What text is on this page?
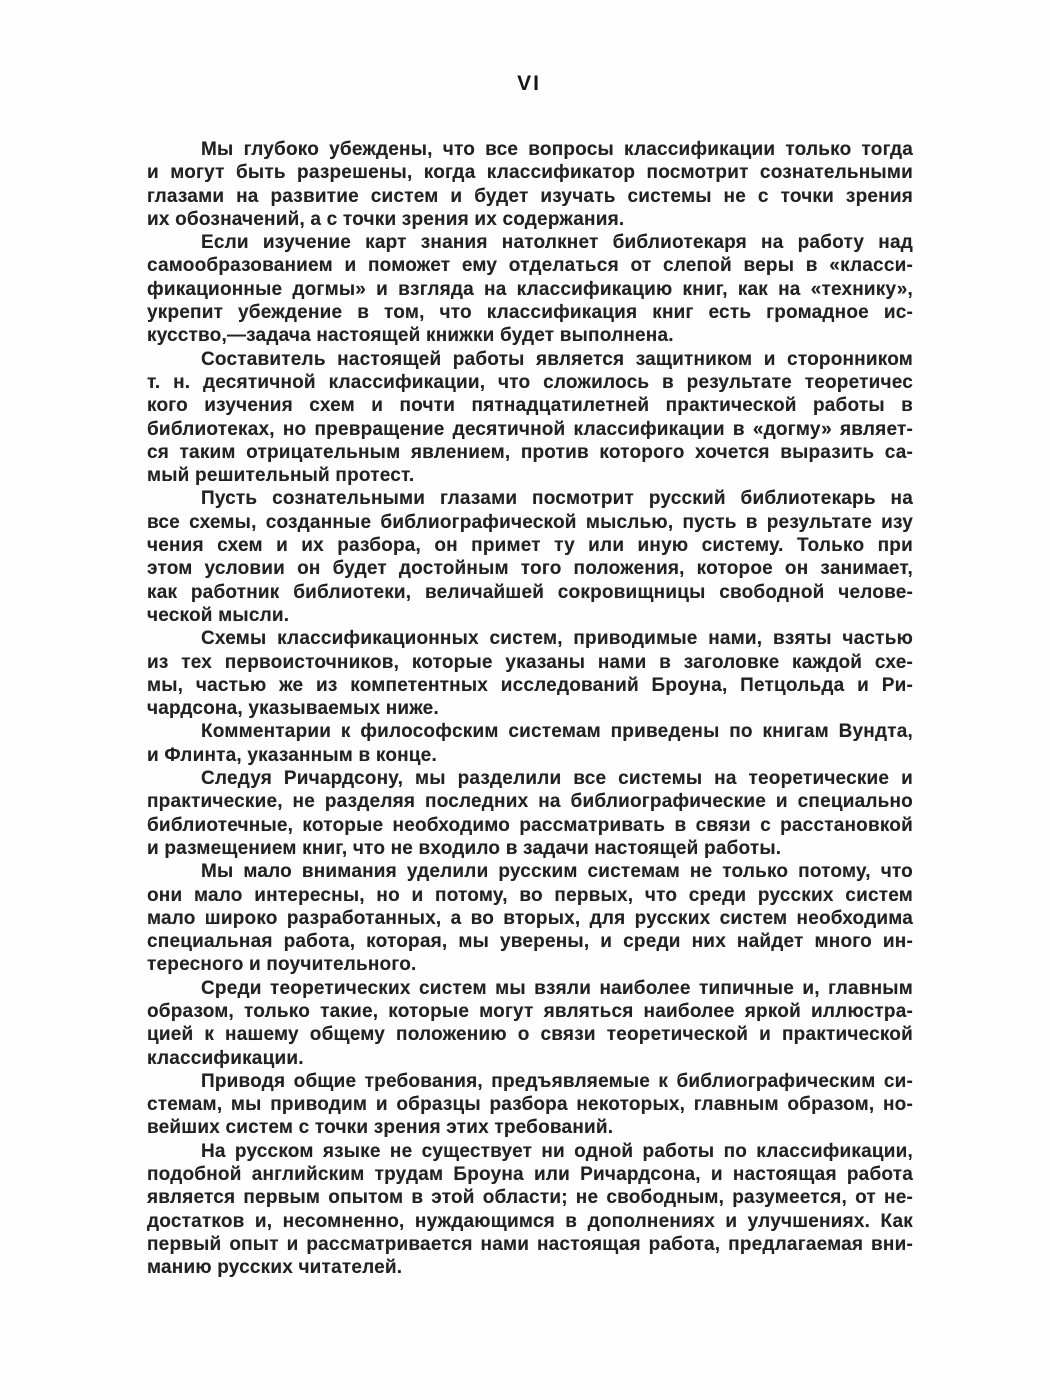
VI

Мы глубоко убеждены, что все вопросы классификации только тогда
и могут быть разрешены, когда классификатор посмотрит сознательными
глазами на развитие систем и будет изучать системы не с точки зрения
их обозначений, а с точки зрения их содержания.

Если изучение карт знания натолкнет библиотекаря на работу над
самообразованием и поможет ему отделаться от слепой веры в «класси-
фикационные догмы» и взгляда на классификацию книг, как на «технику»,
укрепит убеждение в том, что классификация книг есть громадное ис-
кусство,—задача настоящей книжки будет выполнена.

Составитель настоящей работы является защитником и сторонником
т. н. десятичной классификации, что сложилось в результате теоретичес
кого изучения схем и почти пятнадцатилетней практической работы в
библиотеках, но превращение десятичной классификации в «догму» являет-
ся таким отрицательным явлением, против которого хочется выразить са-
мый решительный протест.

Пусть сознательными глазами посмотрит русский библиотекарь на
все схемы, созданные библиографической мыслью, пусть в результате изу
чения схем и их разбора, он примет ту или иную систему. Только при
этом условии он будет достойным того положения, которое он занимает,
как работник библиотеки, величайшей сокровищницы свободной челове-
ческой мысли.

Схемы классификационных систем, приводимые нами, взяты частью
из тех первоисточников, которые указаны нами в заголовке каждой схе-
мы, частью же из компетентных исследований Броуна, Петцольда и Ри-
чардсона, указываемых ниже.

Комментарии к философским системам приведены по книгам Вундта,
и Флинта, указанным в конце.

Следуя Ричардсону, мы разделили все системы на теоретические и
практические, не разделяя последних на библиографические и специально
библиотечные, которые необходимо рассматривать в связи с расстановкой
и размещением книг, что не входило в задачи настоящей работы.

Мы мало внимания уделили русским системам не только потому, что
они мало интересны, но и потому, во первых, что среди русских систем
мало широко разработанных, а во вторых, для русских систем необходима
специальная работа, которая, мы уверены, и среди них найдет много ин-
тересного и поучительного.

Среди теоретических систем мы взяли наиболее типичные и, главным
образом, только такие, которые могут являться наиболее яркой иллюстра-
цией к нашему общему положению о связи теоретической и практической
классификации.

Приводя общие требования, предъявляемые к библиографическим си-
стемам, мы приводим и образцы разбора некоторых, главным образом, но-
вейших систем с точки зрения этих требований.

На русском языке не существует ни одной работы по классификации,
подобной английским трудам Броуна или Ричардсона, и настоящая работа
является первым опытом в этой области; не свободным, разумеется, от не-
достатков и, несомненно, нуждающимся в дополнениях и улучшениях. Как
первый опыт и рассматривается нами настоящая работа, предлагаемая вни-
манию русских читателей.
